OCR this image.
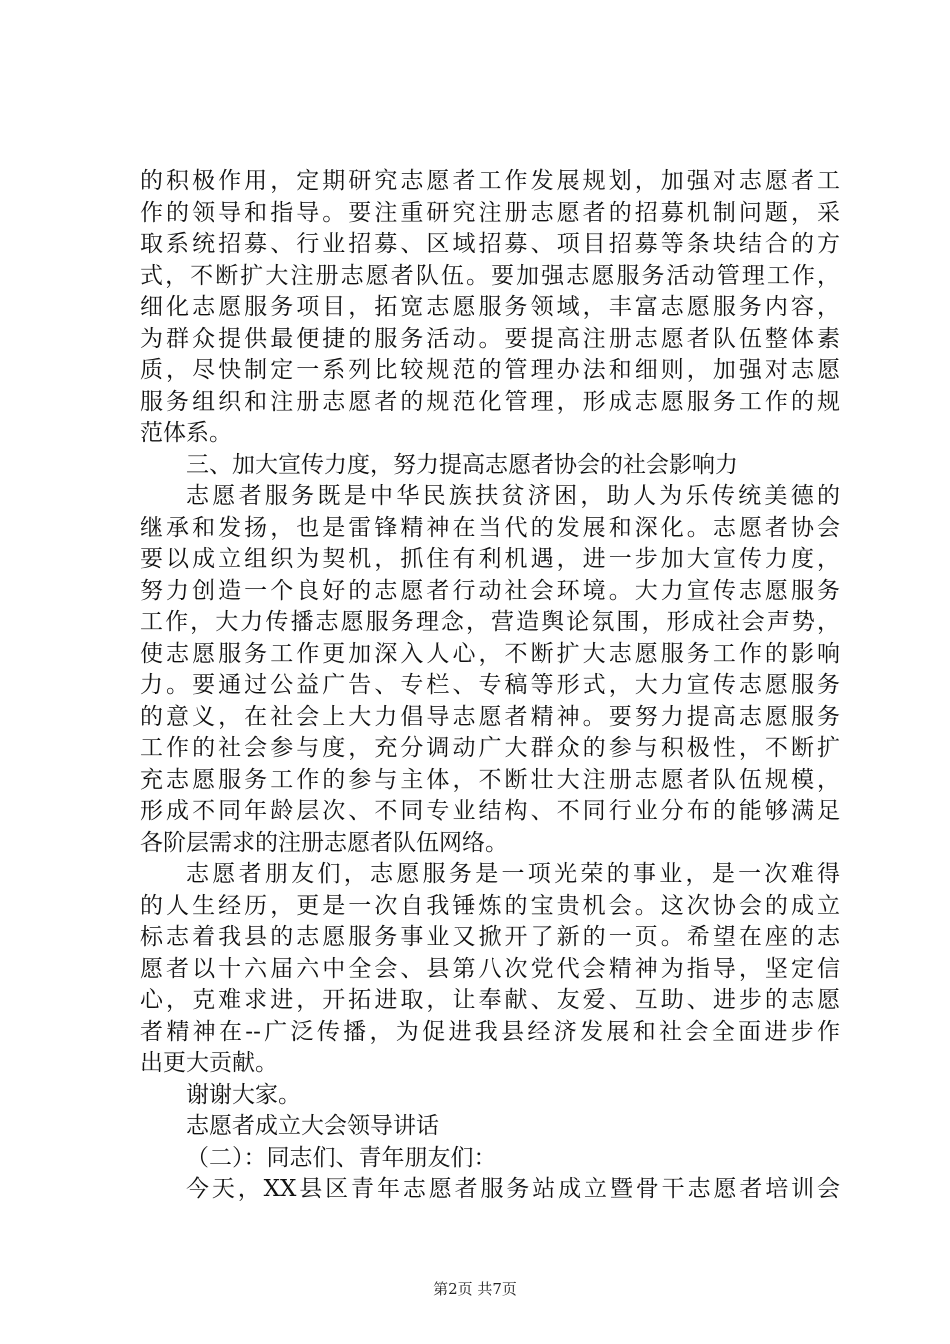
的积极作用，定期研究志愿者工作发展规划，加强对志愿者工
作的领导和指导。要注重研究注册志愿者的招募机制问题，采
取系统招募、行业招募、区域招募、项目招募等条块结合的方
式，不断扩大注册志愿者队伍。要加强志愿服务活动管理工作，
细化志愿服务项目，拓宽志愿服务领域，丰富志愿服务内容，
为群众提供最便捷的服务活动。要提高注册志愿者队伍整体素
质，尽快制定一系列比较规范的管理办法和细则，加强对志愿
服务组织和注册志愿者的规范化管理，形成志愿服务工作的规
范体系。
三、加大宣传力度，努力提高志愿者协会的社会影响力
志愿者服务既是中华民族扶贫济困，助人为乐传统美德的
继承和发扬，也是雷锋精神在当代的发展和深化。志愿者协会
要以成立组织为契机，抓住有利机遇，进一步加大宣传力度，
努力创造一个良好的志愿者行动社会环境。大力宣传志愿服务
工作，大力传播志愿服务理念，营造舆论氛围，形成社会声势，
使志愿服务工作更加深入人心，不断扩大志愿服务工作的影响
力。要通过公益广告、专栏、专稿等形式，大力宣传志愿服务
的意义，在社会上大力倡导志愿者精神。要努力提高志愿服务
工作的社会参与度，充分调动广大群众的参与积极性，不断扩
充志愿服务工作的参与主体，不断壮大注册志愿者队伍规模，
形成不同年龄层次、不同专业结构、不同行业分布的能够满足
各阶层需求的注册志愿者队伍网络。
志愿者朋友们，志愿服务是一项光荣的事业，是一次难得
的人生经历，更是一次自我锤炼的宝贵机会。这次协会的成立
标志着我县的志愿服务事业又掀开了新的一页。希望在座的志
愿者以十六届六中全会、县第八次党代会精神为指导，坚定信
心，克难求进，开拓进取，让奉献、友爱、互助、进步的志愿
者精神在--广泛传播，为促进我县经济发展和社会全面进步作
出更大贡献。
谢谢大家。
志愿者成立大会领导讲话
（二）：同志们、青年朋友们：
今天，XX县区青年志愿者服务站成立暨骨干志愿者培训会
第2页 共7页
